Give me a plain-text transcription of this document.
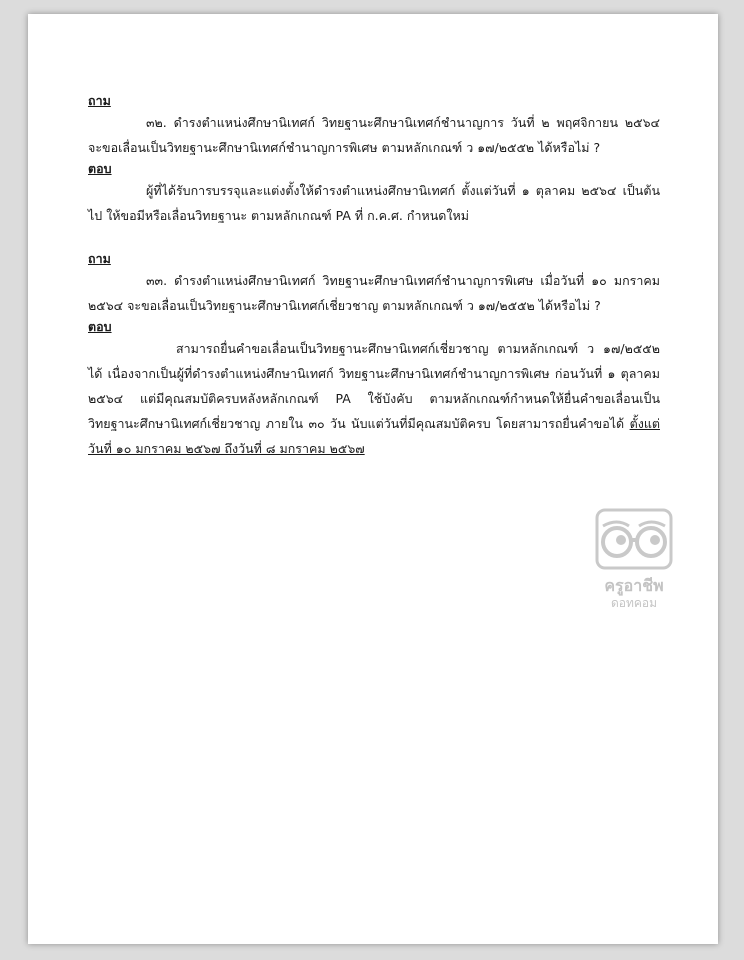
ถาม

๓๒. ดำรงตำแหน่งศึกษานิเทศก์ วิทยฐานะศึกษานิเทศก์ชำนาญการ วันที่ ๒ พฤศจิกายน ๒๕๖๔ จะขอเลื่อนเป็นวิทยฐานะศึกษานิเทศก์ชำนาญการพิเศษ ตามหลักเกณฑ์ ว ๑๗/๒๕๕๒ ได้หรือไม่ ?

ตอบ

ผู้ที่ได้รับการบรรจุและแต่งตั้งให้ดำรงตำแหน่งศึกษานิเทศก์ ตั้งแต่วันที่ ๑ ตุลาคม ๒๕๖๔ เป็นต้นไป ให้ขอมีหรือเลื่อนวิทยฐานะ ตามหลักเกณฑ์ PA ที่ ก.ค.ศ. กำหนดใหม่

ถาม

๓๓. ดำรงตำแหน่งศึกษานิเทศก์ วิทยฐานะศึกษานิเทศก์ชำนาญการพิเศษ เมื่อวันที่ ๑๐ มกราคม ๒๕๖๔ จะขอเลื่อนเป็นวิทยฐานะศึกษานิเทศก์เชี่ยวชาญ ตามหลักเกณฑ์ ว ๑๗/๒๕๕๒ ได้หรือไม่ ?

ตอบ

สามารถยื่นคำขอเลื่อนเป็นวิทยฐานะศึกษานิเทศก์เชี่ยวชาญ ตามหลักเกณฑ์ ว ๑๗/๒๕๕๒ ได้ เนื่องจากเป็นผู้ที่ดำรงตำแหน่งศึกษานิเทศก์ วิทยฐานะศึกษานิเทศก์ชำนาญการพิเศษ ก่อนวันที่ ๑ ตุลาคม ๒๕๖๔ แต่มีคุณสมบัติครบหลังหลักเกณฑ์ PA ใช้บังคับ ตามหลักเกณฑ์กำหนดให้ยื่นคำขอเลื่อนเป็นวิทยฐานะศึกษานิเทศก์เชี่ยวชาญ ภายใน ๓๐ วัน นับแต่วันที่มีคุณสมบัติครบ โดยสามารถยื่นคำขอได้ ตั้งแต่วันที่ ๑๐ มกราคม ๒๕๖๗ ถึงวันที่ ๘ มกราคม ๒๕๖๗

ครูอาชีพ
ดอทคอม
